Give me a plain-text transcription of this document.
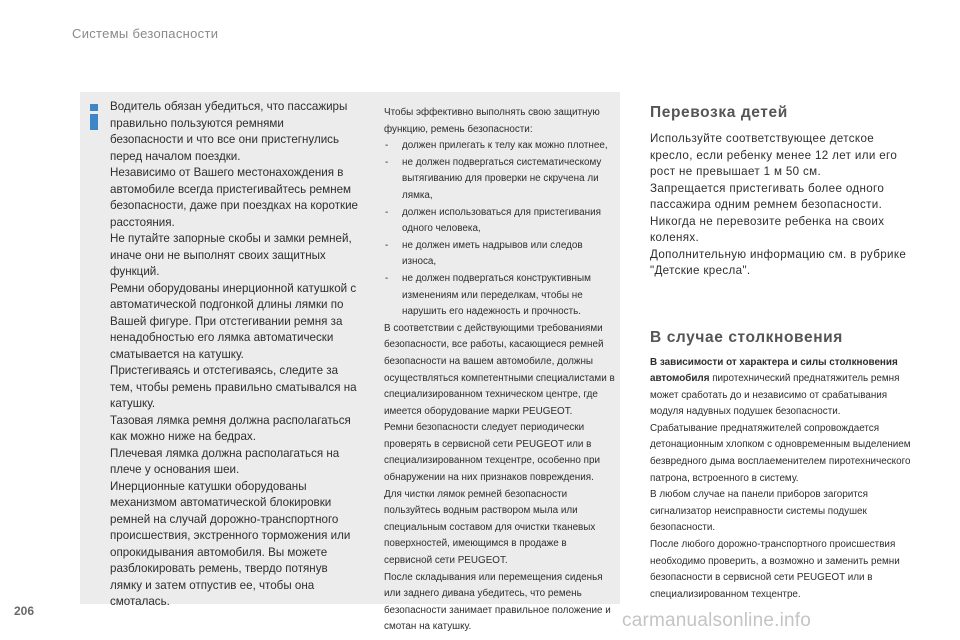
Системы безопасности

Водитель обязан убедиться, что пассажиры правильно пользуются ремнями безопасности и что все они пристегнулись перед началом поездки.

Независимо от Вашего местонахождения в автомобиле всегда пристегивайтесь ремнем безопасности, даже при поездках на короткие расстояния.

Не путайте запорные скобы и замки ремней, иначе они не выполнят своих защитных функций.

Ремни оборудованы инерционной катушкой с автоматической подгонкой длины лямки по Вашей фигуре. При отстегивании ремня за ненадобностью его лямка автоматически сматывается на катушку.

Пристегиваясь и отстегиваясь, следите за тем, чтобы ремень правильно сматывался на катушку.

Тазовая лямка ремня должна располагаться как можно ниже на бедрах.

Плечевая лямка должна располагаться на плече у основания шеи.

Инерционные катушки оборудованы механизмом автоматической блокировки ремней на случай дорожно-транспортного происшествия, экстренного торможения или опрокидывания автомобиля. Вы можете разблокировать ремень, твердо потянув лямку и затем отпустив ее, чтобы она смоталась.

Чтобы эффективно выполнять свою защитную функцию, ремень безопасности:

- должен прилегать к телу как можно плотнее,
- не должен подвергаться систематическому вытягиванию для проверки не скручена ли лямка,
- должен использоваться для пристегивания одного человека,
- не должен иметь надрывов или следов износа,
- не должен подвергаться конструктивным изменениям или переделкам, чтобы не нарушить его надежность и прочность.

В соответствии с действующими требованиями безопасности, все работы, касающиеся ремней безопасности на вашем автомобиле, должны осуществляться компетентными специалистами в специализированном техническом центре, где имеется оборудование марки PEUGEOT.

Ремни безопасности следует периодически проверять в сервисной сети PEUGEOT или в специализированном техцентре, особенно при обнаружении на них признаков повреждения.

Для чистки лямок ремней безопасности пользуйтесь водным раствором мыла или специальным составом для очистки тканевых поверхностей, имеющимся в продаже в сервисной сети PEUGEOT.

После складывания или перемещения сиденья или заднего дивана убедитесь, что ремень безопасности занимает правильное положение и смотан на катушку.

Перевозка детей

Используйте соответствующее детское кресло, если ребенку менее 12 лет или его рост не превышает 1 м 50 см.

Запрещается пристегивать более одного пассажира одним ремнем безопасности.

Никогда не перевозите ребенка на своих коленях.

Дополнительную информацию см. в рубрике "Детские кресла".

В случае столкновения

В зависимости от характера и силы столкновения автомобиля пиротехнический преднатяжитель ремня может сработать до и независимо от срабатывания модуля надувных подушек безопасности.

Срабатывание преднатяжителей сопровождается детонационным хлопком с одновременным выделением безвредного дыма восплаеменителем пиротехнического патрона, встроенного в систему.

В любом случае на панели приборов загорится сигнализатор неисправности системы подушек безопасности.

После любого дорожно-транспортного происшествия необходимо проверить, а возможно и заменить ремни безопасности в сервисной сети PEUGEOT или в специализированном техцентре.

206	carmanualsonline.info
